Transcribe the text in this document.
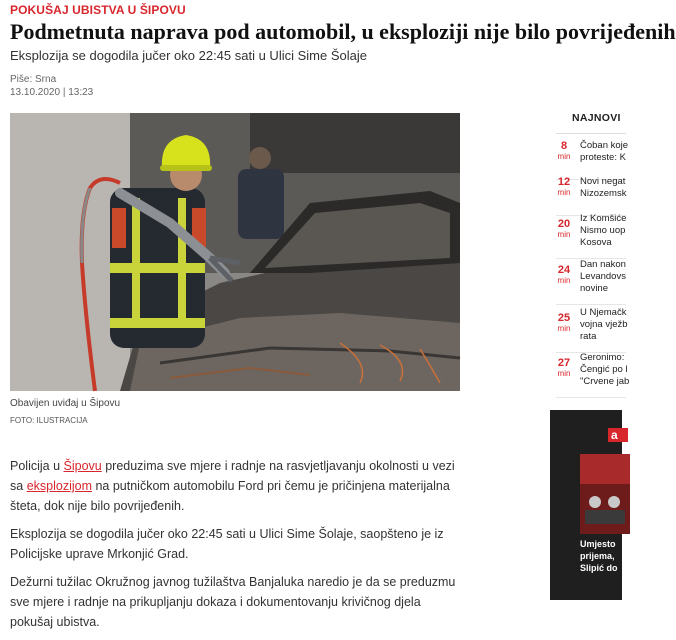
POKUŠAJ UBISTVA U ŠIPOVU
Podmetnuta naprava pod automobil, u eksploziji nije bilo povrijeđenih
Eksplozija se dogodila jučer oko 22:45 sati u Ulici Sime Šolaje
Piše: Srna
13.10.2020 | 13:23
Obavijen uviđaj u Šipovu
FOTO: ILUSTRACIJA

Policija u Šipovu preduzima sve mjere i radnje na rasvjetljavanju okolnosti u vezi sa eksplozijom na putničkom automobilu Ford pri čemu je pričinjena materijalna šteta, dok nije bilo povrijeđenih.

Eksplozija se dogodila jučer oko 22:45 sati u Ulici Sime Šolaje, saopšteno je iz Policijske uprave Mrkonjić Grad.

Dežurni tužilac Okružnog javnog tužilaštva Banjaluka naredio je da se preduzmu sve mjere i radnje na prikupljanju dokaza i dokumentovanju krivičnog djela pokušaj ubistva.

NAJNOVI
8
min
Čoban koje
proteste: K
12
min
Novi negat
Nizozemsk
20
min
Iz Komšiće
Nismo uop
Kosova
24
min
Dan nakon
Levandovs
novine
25
min
U Njemačk
vojna vježb
rata
27
min
Geronimo:
Čengić po l
"Crvene jab
a
Umjesto
prijema,
Slipić do
